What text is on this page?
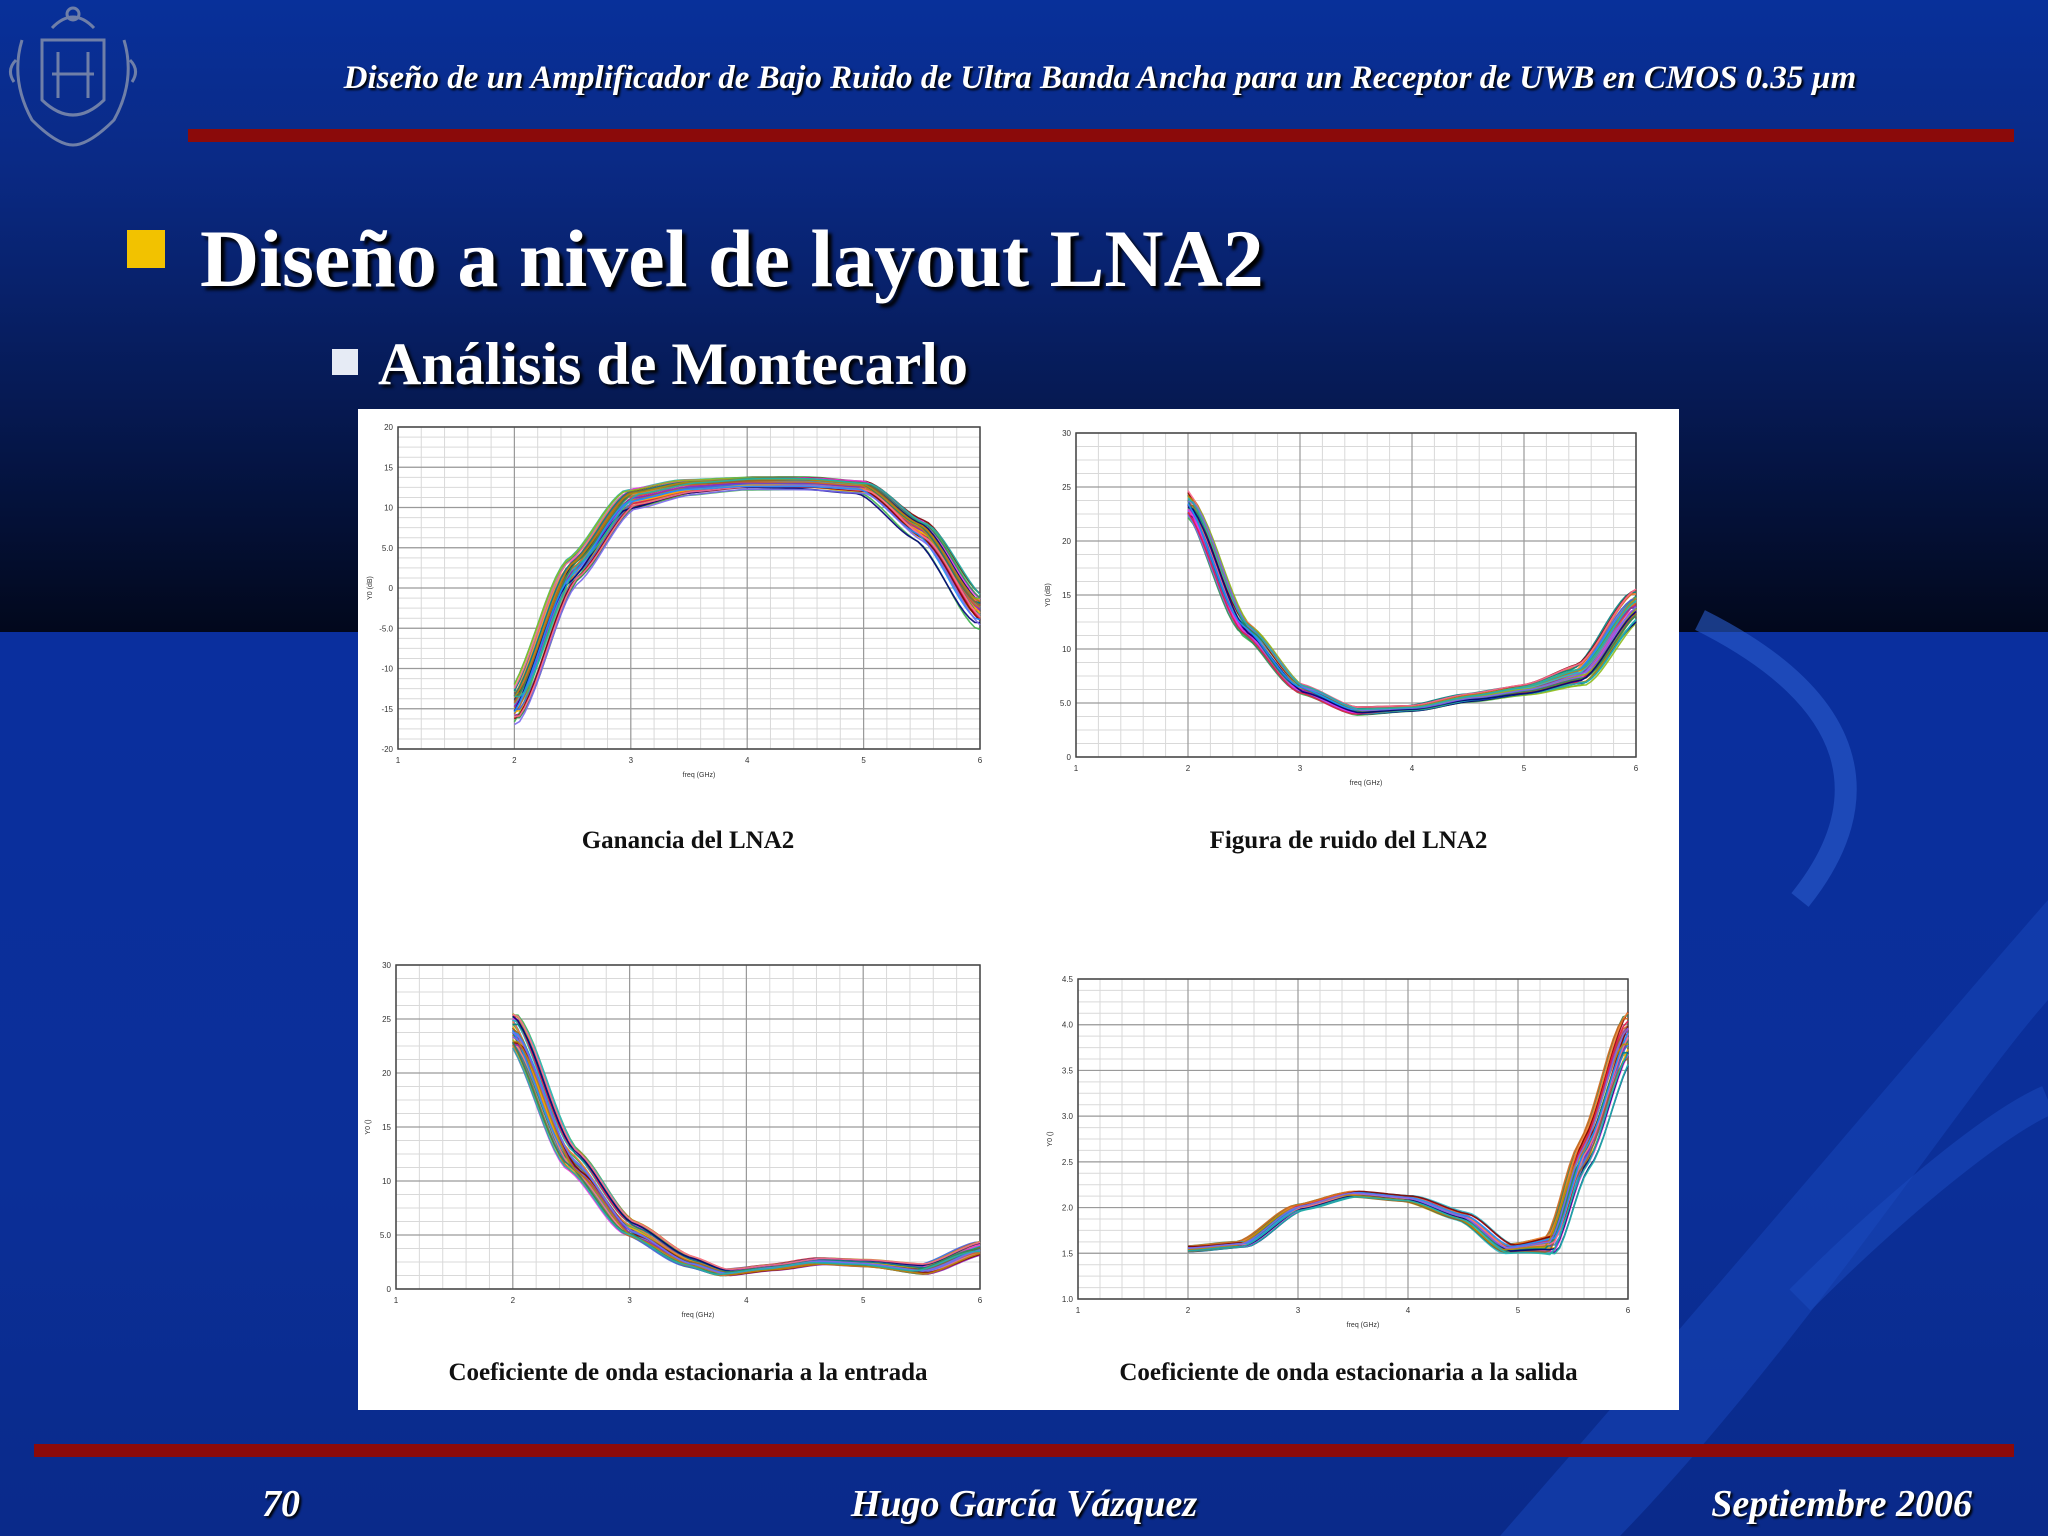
Diseño de un Amplificador de Bajo Ruido de Ultra Banda Ancha para un Receptor de UWB en CMOS 0.35 µm
Diseño a nivel de layout LNA2
Análisis de Montecarlo
1	2	3	4	5	6
-20
-15
-10
-5.0
0
5.0
10
15
20
freq (GHz)
Y0 (dB)
1	2	3	4	5	6
0
5.0
10
15
20
25
30
freq (GHz)
Y0 (dB)
1	2	3	4	5	6
0
5.0
10
15
20
25
30
freq (GHz)
Y0 ()
1	2	3	4	5	6
1.0
1.5
2.0
2.5
3.0
3.5
4.0
4.5
freq (GHz)
Y0 ()
Ganancia del LNA2	Figura de ruido del LNA2
Coeficiente de onda estacionaria a la entrada	Coeficiente de onda estacionaria a la salida
70	Hugo García Vázquez	Septiembre 2006
